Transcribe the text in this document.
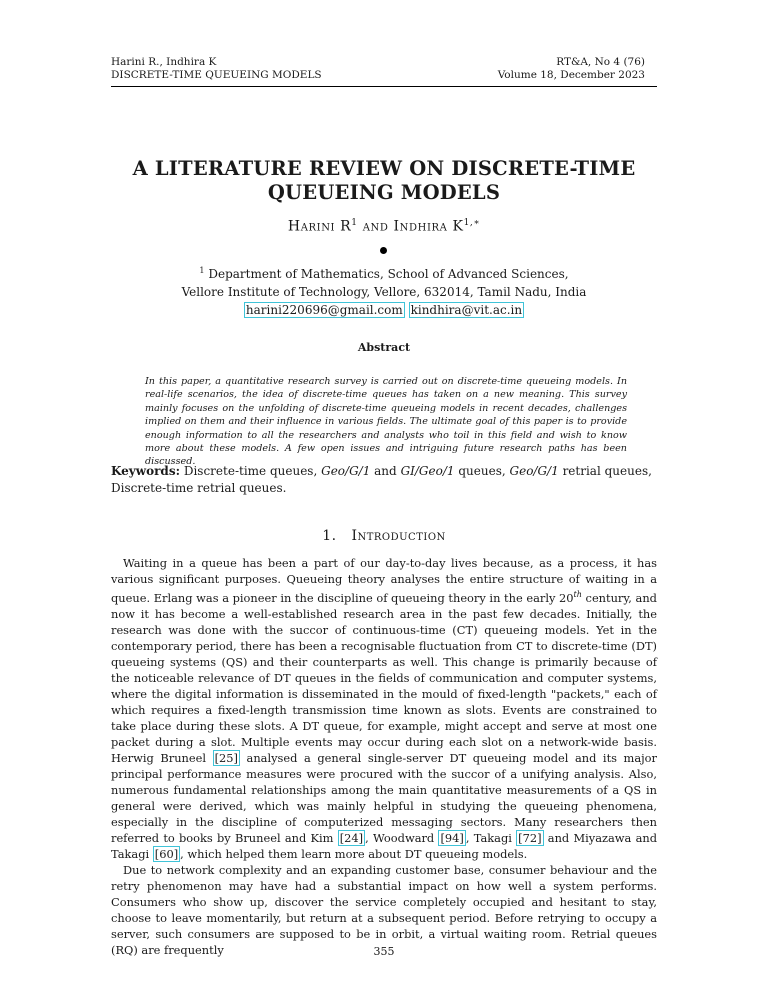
Harini R., Indhira K
DISCRETE-TIME QUEUEING MODELS
RT&A, No 4 (76)
Volume 18, December 2023
A LITERATURE REVIEW ON DISCRETE-TIME
QUEUEING MODELS
Harini $R^1$ and Indhira $K^{1,∗}$
$^1$ Department of Mathematics, School of Advanced Sciences,
Vellore Institute of Technology, Vellore, 632014, Tamil Nadu, India
harini220696@gmail.com kindhira@vit.ac.in
Abstract
In this paper, a quantitative research survey is carried out on discrete-time queueing models. In real-life scenarios, the idea of discrete-time queues has taken on a new meaning. This survey mainly focuses on the unfolding of discrete-time queueing models in recent decades, challenges implied on them and their influence in various fields. The ultimate goal of this paper is to provide enough information to all the researchers and analysts who toil in this field and wish to know more about these models. A few open issues and intriguing future research paths has been discussed.
Keywords: Discrete-time queues, Geo/G/1 and GI/Geo/1 queues, Geo/G/1 retrial queues, Discrete-time retrial queues.
1. Introduction

Waiting in a queue has been a part of our day-to-day lives because, as a process, it has various significant purposes. Queueing theory analyses the entire structure of waiting in a queue. Erlang was a pioneer in the discipline of queueing theory in the early 20th century, and now it has become a well-established research area in the past few decades. Initially, the research was done with the succor of continuous-time (CT) queueing models. Yet in the contemporary period, there has been a recognisable fluctuation from CT to discrete-time (DT) queueing systems (QS) and their counterparts as well. This change is primarily because of the noticeable relevance of DT queues in the fields of communication and computer systems, where the digital information is disseminated in the mould of fixed-length "packets," each of which requires a fixed-length transmission time known as slots. Events are constrained to take place during these slots. A DT queue, for example, might accept and serve at most one packet during a slot. Multiple events may occur during each slot on a network-wide basis. Herwig Bruneel [25] analysed a general single-server DT queueing model and its major principal performance measures were procured with the succor of a unifying analysis. Also, numerous fundamental relationships among the main quantitative measurements of a QS in general were derived, which was mainly helpful in studying the queueing phenomena, especially in the discipline of computerized messaging sectors. Many researchers then referred to books by Bruneel and Kim [24] , Woodward [94] , Takagi [72] and Miyazawa and Takagi [60] , which helped them learn more about DT queueing models.

Due to network complexity and an expanding customer base, consumer behaviour and the retry phenomenon may have had a substantial impact on how well a system performs. Consumers who show up, discover the service completely occupied and hesitant to stay, choose to leave momentarily, but return at a subsequent period. Before retrying to occupy a server, such consumers are supposed to be in orbit, a virtual waiting room. Retrial queues (RQ) are frequently	355
